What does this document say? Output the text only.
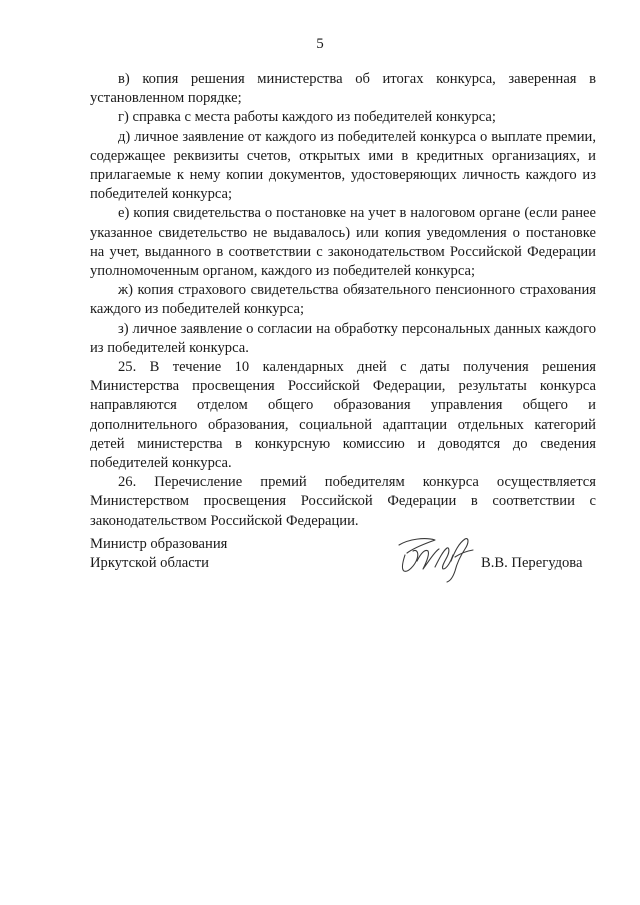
5

в) копия решения министерства об итогах конкурса, заверенная в установленном порядке;

г) справка с места работы каждого из победителей конкурса;

д) личное заявление от каждого из победителей конкурса о выплате премии, содержащее реквизиты счетов, открытых ими в кредитных организациях, и прилагаемые к нему копии документов, удостоверяющих личность каждого из победителей конкурса;

е) копия свидетельства о постановке на учет в налоговом органе (если ранее указанное свидетельство не выдавалось) или копия уведомления о постановке на учет, выданного в соответствии с законодательством Российской Федерации уполномоченным органом, каждого из победителей конкурса;

ж) копия страхового свидетельства обязательного пенсионного страхования каждого из победителей конкурса;

з) личное заявление о согласии на обработку персональных данных каждого из победителей конкурса.

25. В течение 10 календарных дней с даты получения решения Министерства просвещения Российской Федерации, результаты конкурса направляются отделом общего образования управления общего и дополнительного образования, социальной адаптации отдельных категорий детей министерства в конкурсную комиссию и доводятся до сведения победителей конкурса.

26. Перечисление премий победителям конкурса осуществляется Министерством просвещения Российской Федерации в соответствии с законодательством Российской Федерации.

Министр образования
Иркутской области	В.В. Перегудова
